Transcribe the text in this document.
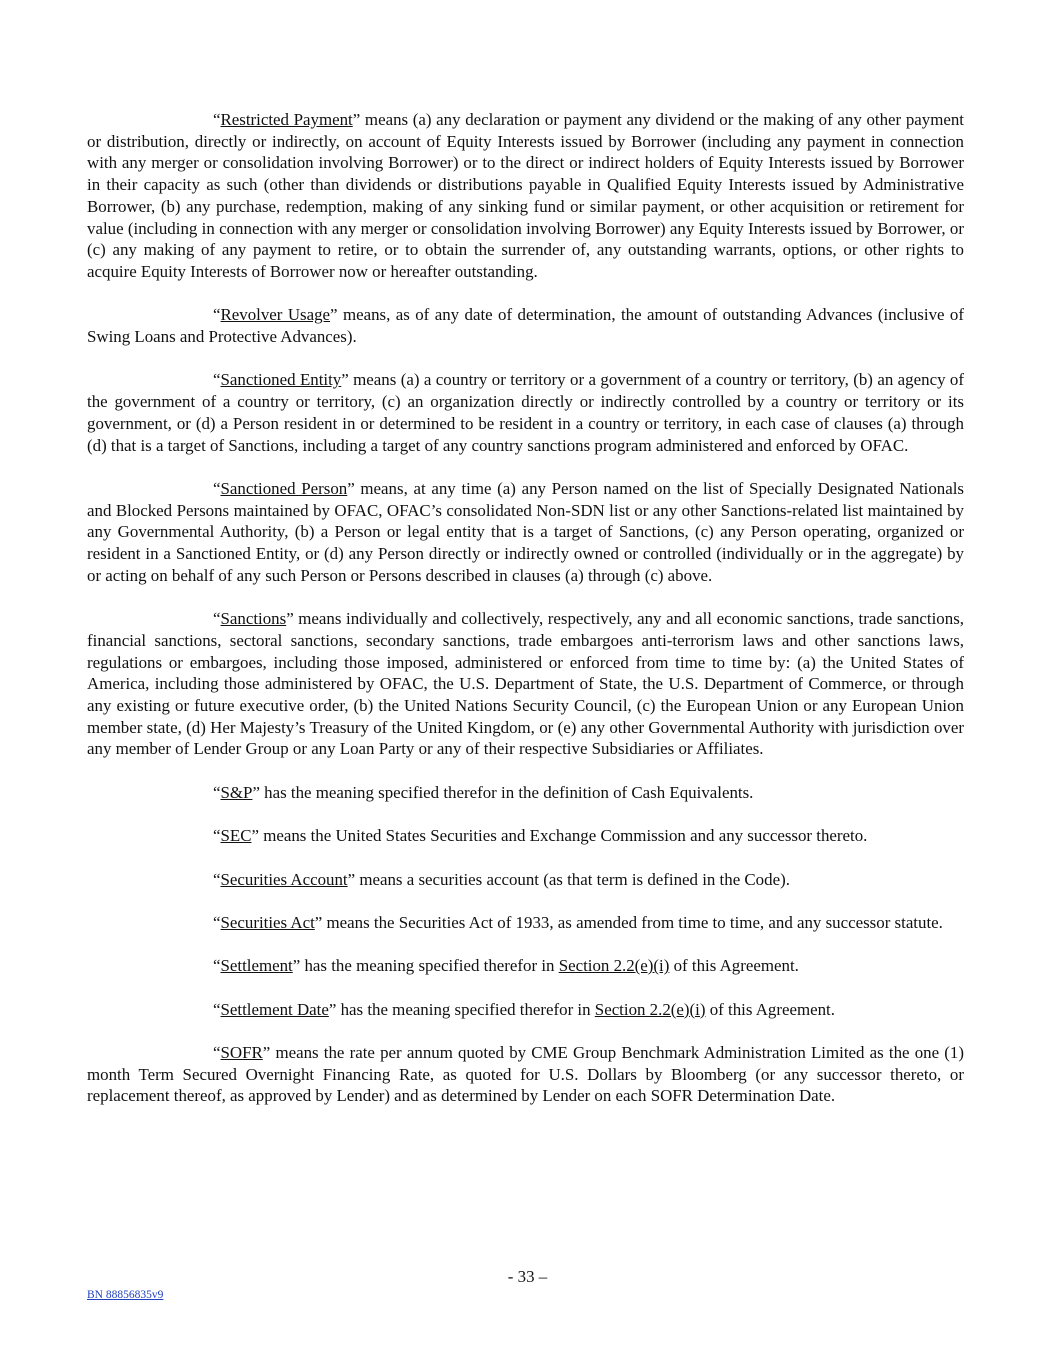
“Restricted Payment” means (a) any declaration or payment any dividend or the making of any other payment or distribution, directly or indirectly, on account of Equity Interests issued by Borrower (including any payment in connection with any merger or consolidation involving Borrower) or to the direct or indirect holders of Equity Interests issued by Borrower in their capacity as such (other than dividends or distributions payable in Qualified Equity Interests issued by Administrative Borrower, (b) any purchase, redemption, making of any sinking fund or similar payment, or other acquisition or retirement for value (including in connection with any merger or consolidation involving Borrower) any Equity Interests issued by Borrower, or (c) any making of any payment to retire, or to obtain the surrender of, any outstanding warrants, options, or other rights to acquire Equity Interests of Borrower now or hereafter outstanding.

“Revolver Usage” means, as of any date of determination, the amount of outstanding Advances (inclusive of Swing Loans and Protective Advances).

“Sanctioned Entity” means (a) a country or territory or a government of a country or territory, (b) an agency of the government of a country or territory, (c) an organization directly or indirectly controlled by a country or territory or its government, or (d) a Person resident in or determined to be resident in a country or territory, in each case of clauses (a) through (d) that is a target of Sanctions, including a target of any country sanctions program administered and enforced by OFAC.

“Sanctioned Person” means, at any time (a) any Person named on the list of Specially Designated Nationals and Blocked Persons maintained by OFAC, OFAC’s consolidated Non-SDN list or any other Sanctions-related list maintained by any Governmental Authority, (b) a Person or legal entity that is a target of Sanctions, (c) any Person operating, organized or resident in a Sanctioned Entity, or (d) any Person directly or indirectly owned or controlled (individually or in the aggregate) by or acting on behalf of any such Person or Persons described in clauses (a) through (c) above.

“Sanctions” means individually and collectively, respectively, any and all economic sanctions, trade sanctions, financial sanctions, sectoral sanctions, secondary sanctions, trade embargoes anti-terrorism laws and other sanctions laws, regulations or embargoes, including those imposed, administered or enforced from time to time by: (a) the United States of America, including those administered by OFAC, the U.S. Department of State, the U.S. Department of Commerce, or through any existing or future executive order, (b) the United Nations Security Council, (c) the European Union or any European Union member state, (d) Her Majesty’s Treasury of the United Kingdom, or (e) any other Governmental Authority with jurisdiction over any member of Lender Group or any Loan Party or any of their respective Subsidiaries or Affiliates.

“S&P” has the meaning specified therefor in the definition of Cash Equivalents.

“SEC” means the United States Securities and Exchange Commission and any successor thereto.

“Securities Account” means a securities account (as that term is defined in the Code).

“Securities Act” means the Securities Act of 1933, as amended from time to time, and any successor statute.

“Settlement” has the meaning specified therefor in Section 2.2(e)(i) of this Agreement.

“Settlement Date” has the meaning specified therefor in Section 2.2(e)(i) of this Agreement.

“SOFR” means the rate per annum quoted by CME Group Benchmark Administration Limited as the one (1) month Term Secured Overnight Financing Rate, as quoted for U.S. Dollars by Bloomberg (or any successor thereto, or replacement thereof, as approved by Lender) and as determined by Lender on each SOFR Determination Date.

- 33 –
BN 88856835v9
